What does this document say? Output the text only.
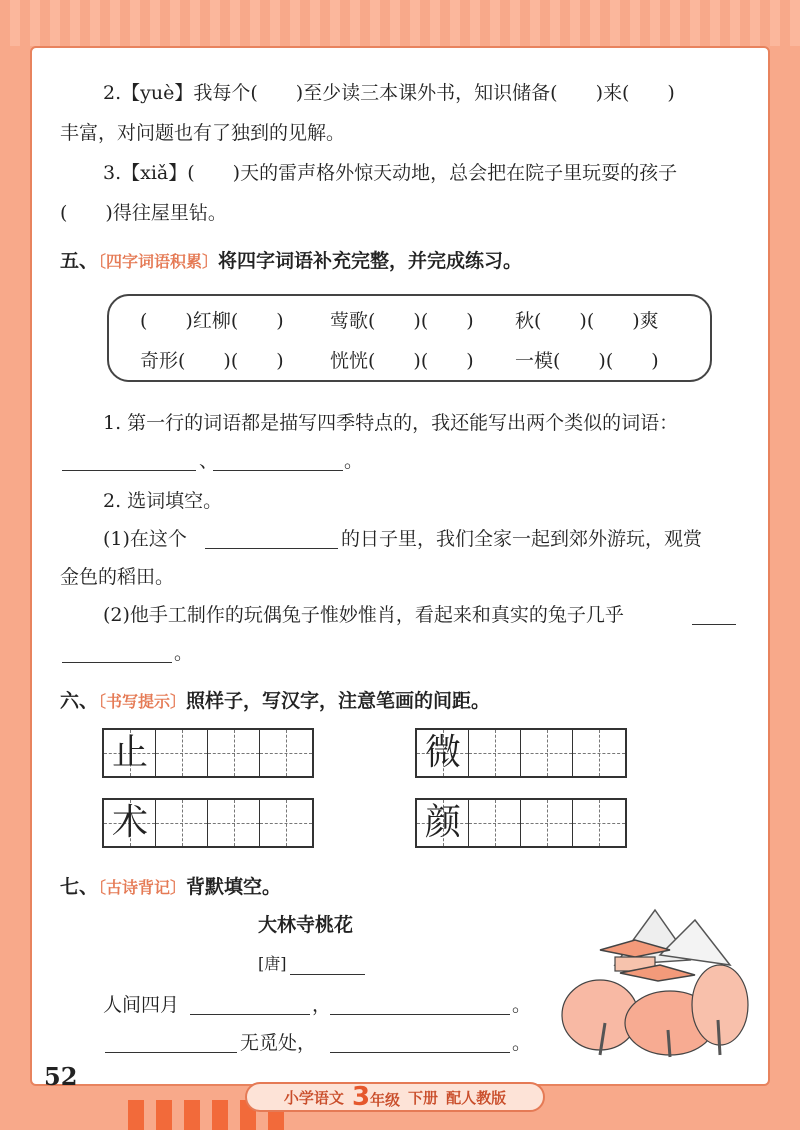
2.【yuè】我每个(　　)至少读三本课外书，知识储备(　　)来(　　)
丰富，对问题也有了独到的见解。
3.【xiǎ】(　　)天的雷声格外惊天动地，总会把在院子里玩耍的孩子
(　　)得往屋里钻。
五、〔四字词语积累〕将四字词语补充完整，并完成练习。
(　　)红柳(　　) 莺歌(　　)(　　) 秋(　　)(　　)爽
奇形(　　)(　　) 恍恍(　　)(　　) 一模(　　)(　　)
1. 第一行的词语都是描写四季特点的，我还能写出两个类似的词语：
、	。
2. 选词填空。
(1)在这个	的日子里，我们全家一起到郊外游玩，观赏
金色的稻田。
(2)他手工制作的玩偶兔子惟妙惟肖，看起来和真实的兔子几乎
。
六、〔书写提示〕照样子，写汉字，注意笔画的间距。
止	微
术	颜
七、〔古诗背记〕背默填空。
大林寺桃花
[唐]
人间四月	，	。
无觅处，	。
52
小学语文 3年级 下册 配人教版
